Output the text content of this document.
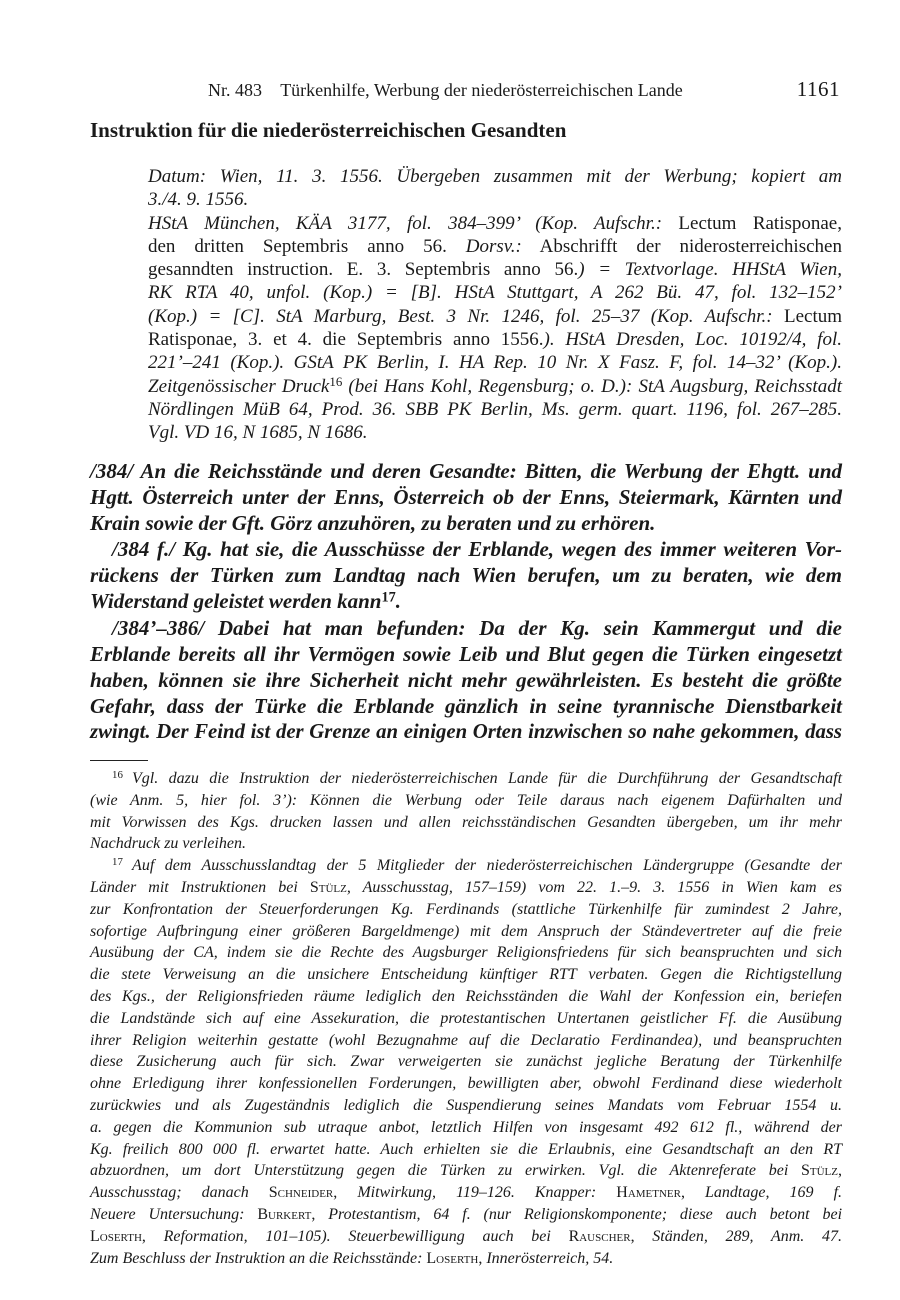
Nr. 483 Türkenhilfe, Werbung der niederösterreichischen Lande	1161
Instruktion für die niederösterreichischen Gesandten
Datum: Wien, 11. 3. 1556. Übergeben zusammen mit der Werbung; kopiert am
3./4. 9. 1556.
HStA München, KÄA 3177, fol. 384–399’ (Kop. Aufschr.: Lectum Ratisponae,
den dritten Septembris anno 56. Dorsv.: Abschrifft der niderosterreichischen
gesanndten instruction. E. 3. Septembris anno 56.) = Textvorlage. HHStA Wien,
RK RTA 40, unfol. (Kop.) = [B]. HStA Stuttgart, A 262 Bü. 47, fol. 132–152’
(Kop.) = [C]. StA Marburg, Best. 3 Nr. 1246, fol. 25–37 (Kop. Aufschr.: Lectum
Ratisponae, 3. et 4. die Septembris anno 1556.). HStA Dresden, Loc. 10192/4, fol.
221’–241 (Kop.). GStA PK Berlin, I. HA Rep. 10 Nr. X Fasz. F, fol. 14–32’ (Kop.).
Zeitgenössischer Druck$^{16}$ (bei Hans Kohl, Regensburg; o. D.): StA Augsburg, Reichsstadt
Nördlingen MüB 64, Prod. 36. SBB PK Berlin, Ms. germ. quart. 1196, fol. 267–285.
Vgl. VD 16, N 1685, N 1686.
/384/ An die Reichsstände und deren Gesandte: Bitten, die Werbung der Ehgtt. und
Hgtt. Österreich unter der Enns, Österreich ob der Enns, Steiermark, Kärnten und
Krain sowie der Gft. Görz anzuhören, zu beraten und zu erhören.
/384 f./ Kg. hat sie, die Ausschüsse der Erblande, wegen des immer weiteren Vor-
rückens der Türken zum Landtag nach Wien berufen, um zu beraten, wie dem
Widerstand geleistet werden kann$^{17}$.
/384’–386/ Dabei hat man befunden: Da der Kg. sein Kammergut und die
Erblande bereits all ihr Vermögen sowie Leib und Blut gegen die Türken eingesetzt
haben, können sie ihre Sicherheit nicht mehr gewährleisten. Es besteht die größte
Gefahr, dass der Türke die Erblande gänzlich in seine tyrannische Dienstbarkeit
zwingt. Der Feind ist der Grenze an einigen Orten inzwischen so nahe gekommen, dass
$^{16}$ Vgl. dazu die Instruktion der niederösterreichischen Lande für die Durchführung der Gesandtschaft
(wie Anm. 5, hier fol. 3’): Können die Werbung oder Teile daraus nach eigenem Dafürhalten und
mit Vorwissen des Kgs. drucken lassen und allen reichsständischen Gesandten übergeben, um ihr mehr
Nachdruck zu verleihen.
$^{17}$ Auf dem Ausschusslandtag der 5 Mitglieder der niederösterreichischen Ländergruppe (Gesandte der
Länder mit Instruktionen bei Stülz, Ausschusstag, 157–159) vom 22. 1.–9. 3. 1556 in Wien kam es
zur Konfrontation der Steuerforderungen Kg. Ferdinands (stattliche Türkenhilfe für zumindest 2 Jahre,
sofortige Aufbringung einer größeren Bargeldmenge) mit dem Anspruch der Ständevertreter auf die freie
Ausübung der CA, indem sie die Rechte des Augsburger Religionsfriedens für sich beanspruchten und sich
die stete Verweisung an die unsichere Entscheidung künftiger RTT verbaten. Gegen die Richtigstellung
des Kgs., der Religionsfrieden räume lediglich den Reichsständen die Wahl der Konfession ein, beriefen
die Landstände sich auf eine Assekuration, die protestantischen Untertanen geistlicher Ff. die Ausübung
ihrer Religion weiterhin gestatte (wohl Bezugnahme auf die Declaratio Ferdinandea), und beanspruchten
diese Zusicherung auch für sich. Zwar verweigerten sie zunächst jegliche Beratung der Türkenhilfe
ohne Erledigung ihrer konfessionellen Forderungen, bewilligten aber, obwohl Ferdinand diese wiederholt
zurückwies und als Zugeständnis lediglich die Suspendierung seines Mandats vom Februar 1554 u.
a. gegen die Kommunion sub utraque anbot, letztlich Hilfen von insgesamt 492 612 fl., während der
Kg. freilich 800 000 fl. erwartet hatte. Auch erhielten sie die Erlaubnis, eine Gesandtschaft an den RT
abzuordnen, um dort Unterstützung gegen die Türken zu erwirken. Vgl. die Aktenreferate bei Stülz,
Ausschusstag; danach Schneider, Mitwirkung, 119–126. Knapper: Hametner, Landtage, 169 f.
Neuere Untersuchung: Burkert, Protestantism, 64 f. (nur Religionskomponente; diese auch betont bei
Loserth, Reformation, 101–105). Steuerbewilligung auch bei Rauscher, Ständen, 289, Anm. 47.
Zum Beschluss der Instruktion an die Reichsstände: Loserth, Innerösterreich, 54.
